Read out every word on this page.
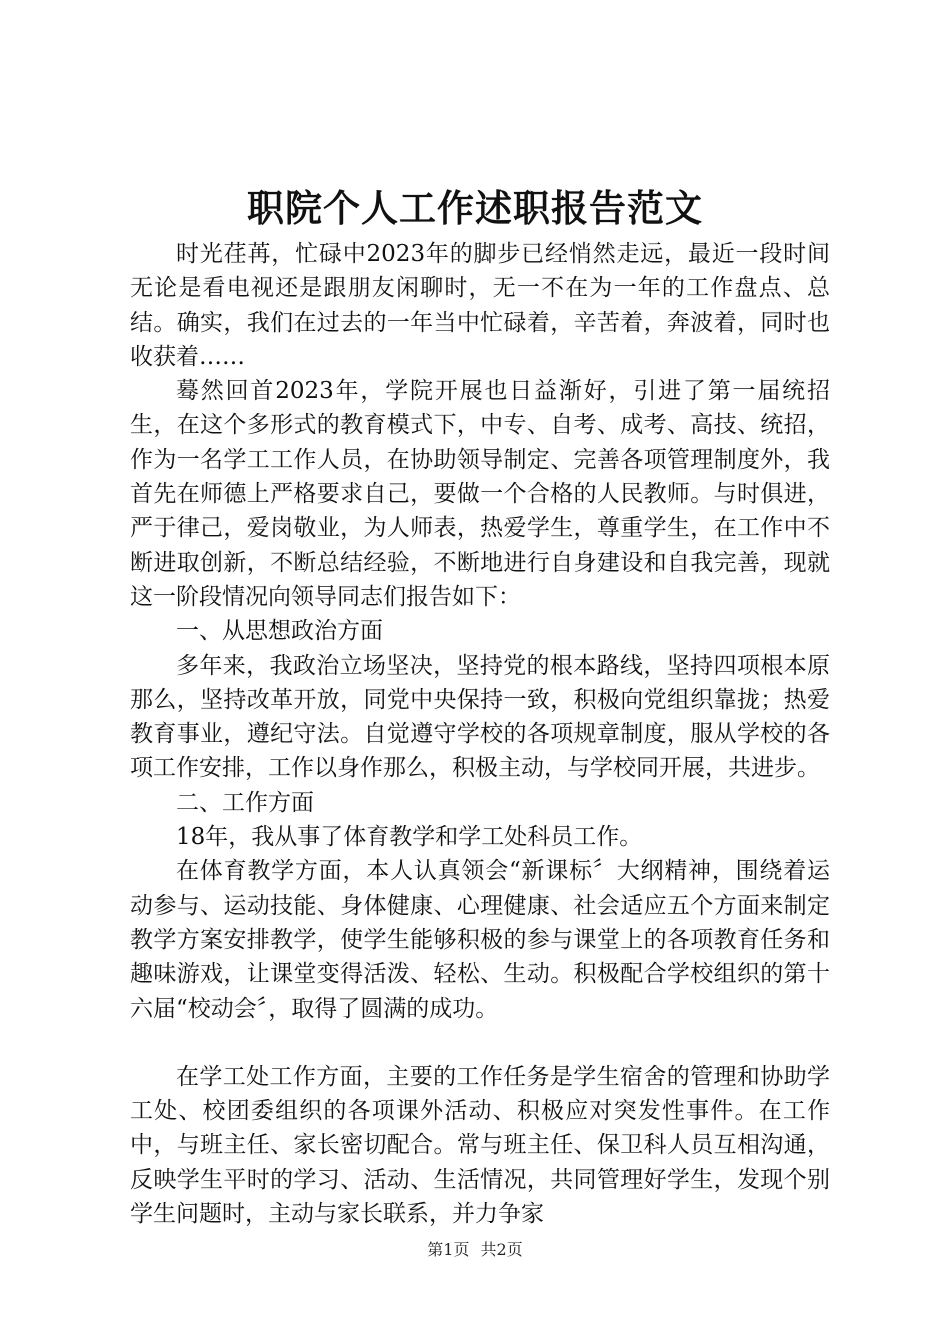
职院个人工作述职报告范文

时光荏苒，忙碌中2023年的脚步已经悄然走远，最近一段时间无论是看电视还是跟朋友闲聊时，无一不在为一年的工作盘点、总结。确实，我们在过去的一年当中忙碌着，辛苦着，奔波着，同时也收获着……

蓦然回首2023年，学院开展也日益渐好，引进了第一届统招生，在这个多形式的教育模式下，中专、自考、成考、高技、统招，作为一名学工工作人员，在协助领导制定、完善各项管理制度外，我首先在师德上严格要求自己，要做一个合格的人民教师。与时俱进，严于律己，爱岗敬业，为人师表，热爱学生，尊重学生，在工作中不断进取创新，不断总结经验，不断地进行自身建设和自我完善，现就这一阶段情况向领导同志们报告如下：

一、从思想政治方面

多年来，我政治立场坚决，坚持党的根本路线，坚持四项根本原那么，坚持改革开放，同党中央保持一致，积极向党组织靠拢；热爱教育事业，遵纪守法。自觉遵守学校的各项规章制度，服从学校的各项工作安排，工作以身作那么，积极主动，与学校同开展，共进步。

二、工作方面

18年，我从事了体育教学和学工处科员工作。

在体育教学方面，本人认真领会“新课标〞大纲精神，围绕着运动参与、运动技能、身体健康、心理健康、社会适应五个方面来制定教学方案安排教学，使学生能够积极的参与课堂上的各项教育任务和趣味游戏，让课堂变得活泼、轻松、生动。积极配合学校组织的第十六届“校动会〞，取得了圆满的成功。

在学工处工作方面，主要的工作任务是学生宿舍的管理和协助学工处、校团委组织的各项课外活动、积极应对突发性事件。在工作中，与班主任、家长密切配合。常与班主任、保卫科人员互相沟通，反映学生平时的学习、活动、生活情况，共同管理好学生，发现个别学生问题时，主动与家长联系，并力争家

第1页 共2页
